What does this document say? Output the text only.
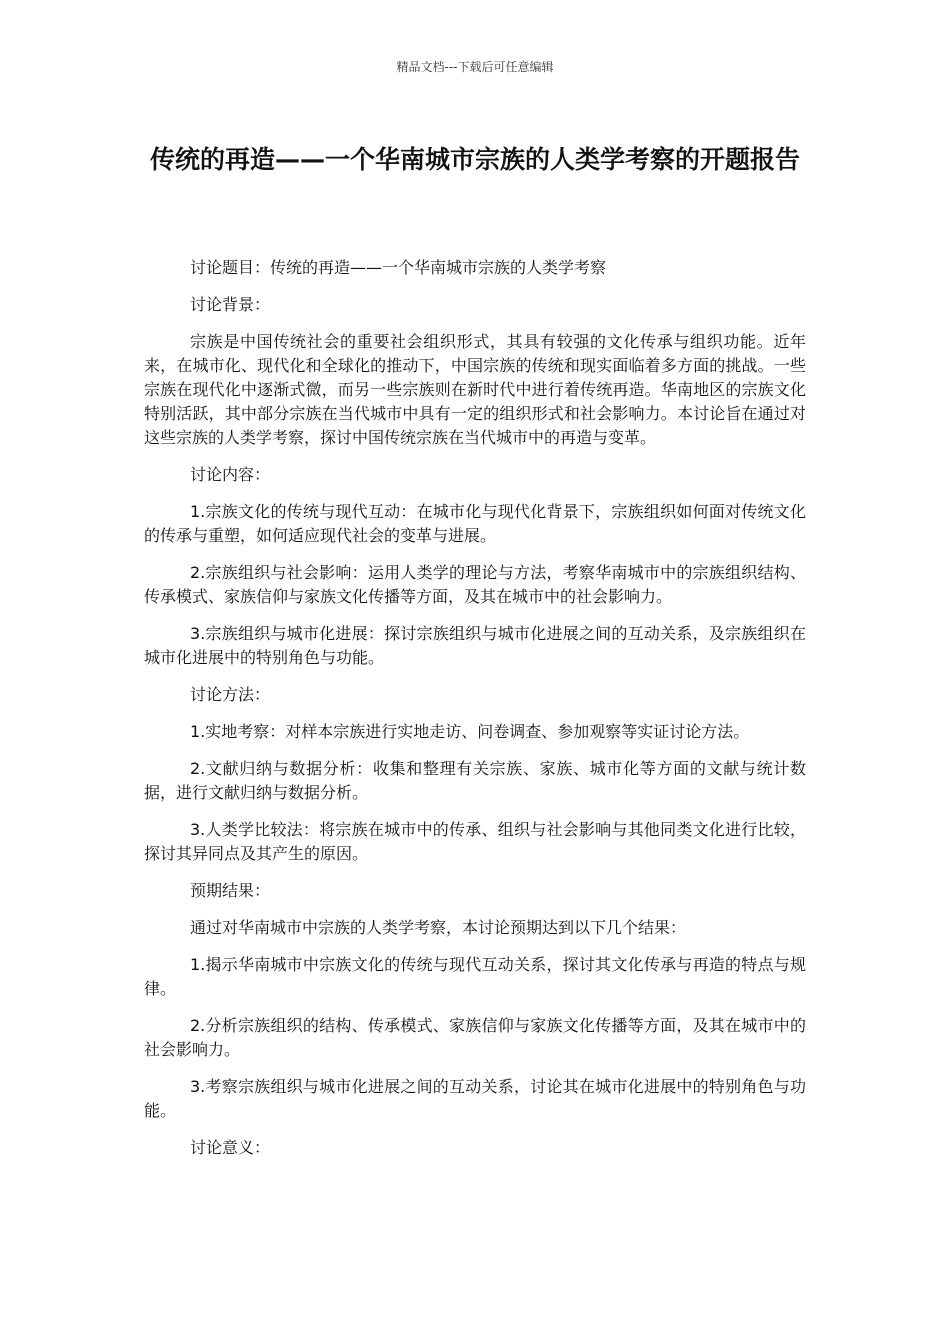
精品文档---下载后可任意编辑
传统的再造——一个华南城市宗族的人类学考察的开题报告

讨论题目：传统的再造——一个华南城市宗族的人类学考察

讨论背景：

宗族是中国传统社会的重要社会组织形式，其具有较强的文化传承与组织功能。近年来，在城市化、现代化和全球化的推动下，中国宗族的传统和现实面临着多方面的挑战。一些宗族在现代化中逐渐式微，而另一些宗族则在新时代中进行着传统再造。华南地区的宗族文化特别活跃，其中部分宗族在当代城市中具有一定的组织形式和社会影响力。本讨论旨在通过对这些宗族的人类学考察，探讨中国传统宗族在当代城市中的再造与变革。

讨论内容：

1.宗族文化的传统与现代互动：在城市化与现代化背景下，宗族组织如何面对传统文化的传承与重塑，如何适应现代社会的变革与进展。

2.宗族组织与社会影响：运用人类学的理论与方法，考察华南城市中的宗族组织结构、传承模式、家族信仰与家族文化传播等方面，及其在城市中的社会影响力。

3.宗族组织与城市化进展：探讨宗族组织与城市化进展之间的互动关系，及宗族组织在城市化进展中的特别角色与功能。

讨论方法：

1.实地考察：对样本宗族进行实地走访、问卷调查、参加观察等实证讨论方法。

2.文献归纳与数据分析：收集和整理有关宗族、家族、城市化等方面的文献与统计数据，进行文献归纳与数据分析。

3.人类学比较法：将宗族在城市中的传承、组织与社会影响与其他同类文化进行比较，探讨其异同点及其产生的原因。

预期结果：

通过对华南城市中宗族的人类学考察，本讨论预期达到以下几个结果：

1.揭示华南城市中宗族文化的传统与现代互动关系，探讨其文化传承与再造的特点与规律。

2.分析宗族组织的结构、传承模式、家族信仰与家族文化传播等方面，及其在城市中的社会影响力。

3.考察宗族组织与城市化进展之间的互动关系，讨论其在城市化进展中的特别角色与功能。

讨论意义：
